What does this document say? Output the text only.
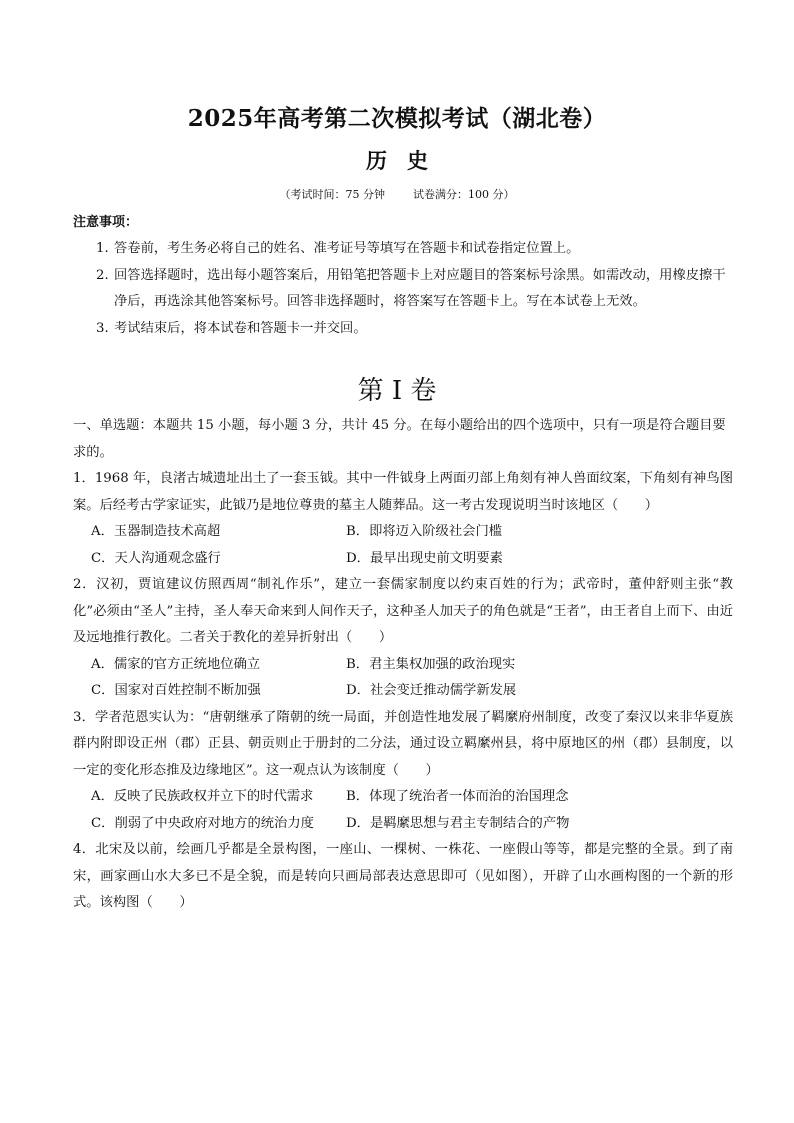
2025年高考第二次模拟考试（湖北卷）
历史
（考试时间：75 分钟	试卷满分：100 分）
注意事项：
1. 答卷前，考生务必将自己的姓名、准考证号等填写在答题卡和试卷指定位置上。
2. 回答选择题时，选出每小题答案后，用铅笔把答题卡上对应题目的答案标号涂黑。如需改动，用橡皮擦干净后，再选涂其他答案标号。回答非选择题时，将答案写在答题卡上。写在本试卷上无效。
3. 考试结束后，将本试卷和答题卡一并交回。
第 I 卷
一、单选题：本题共 15 小题，每小题 3 分，共计 45 分。在每小题给出的四个选项中，只有一项是符合题目要求的。
1．1968 年，良渚古城遗址出土了一套玉钺。其中一件钺身上两面刃部上角刻有神人兽面纹案，下角刻有神鸟图案。后经考古学家证实，此钺乃是地位尊贵的墓主人随葬品。这一考古发现说明当时该地区（　　）
A．玉器制造技术高超	B．即将迈入阶级社会门槛
C．天人沟通观念盛行	D．最早出现史前文明要素
2．汉初，贾谊建议仿照西周“制礼作乐”，建立一套儒家制度以约束百姓的行为；武帝时，董仲舒则主张“教化”必须由“圣人”主持，圣人奉天命来到人间作天子，这种圣人加天子的角色就是“王者”，由王者自上而下、由近及远地推行教化。二者关于教化的差异折射出（　　）
A．儒家的官方正统地位确立	B．君主集权加强的政治现实
C．国家对百姓控制不断加强	D．社会变迁推动儒学新发展
3．学者范恩实认为：“唐朝继承了隋朝的统一局面，并创造性地发展了羁縻府州制度，改变了秦汉以来非华夏族群内附即设正州（郡）正县、朝贡则止于册封的二分法，通过设立羁縻州县，将中原地区的州（郡）县制度，以一定的变化形态推及边缘地区”。这一观点认为该制度（　　）
A．反映了民族政权并立下的时代需求	B．体现了统治者一体而治的治国理念
C．削弱了中央政府对地方的统治力度	D．是羁縻思想与君主专制结合的产物
4．北宋及以前，绘画几乎都是全景构图，一座山、一棵树、一株花、一座假山等等，都是完整的全景。到了南宋，画家画山水大多已不是全貌，而是转向只画局部表达意思即可（见如图），开辟了山水画构图的一个新的形式。该构图（　　）
